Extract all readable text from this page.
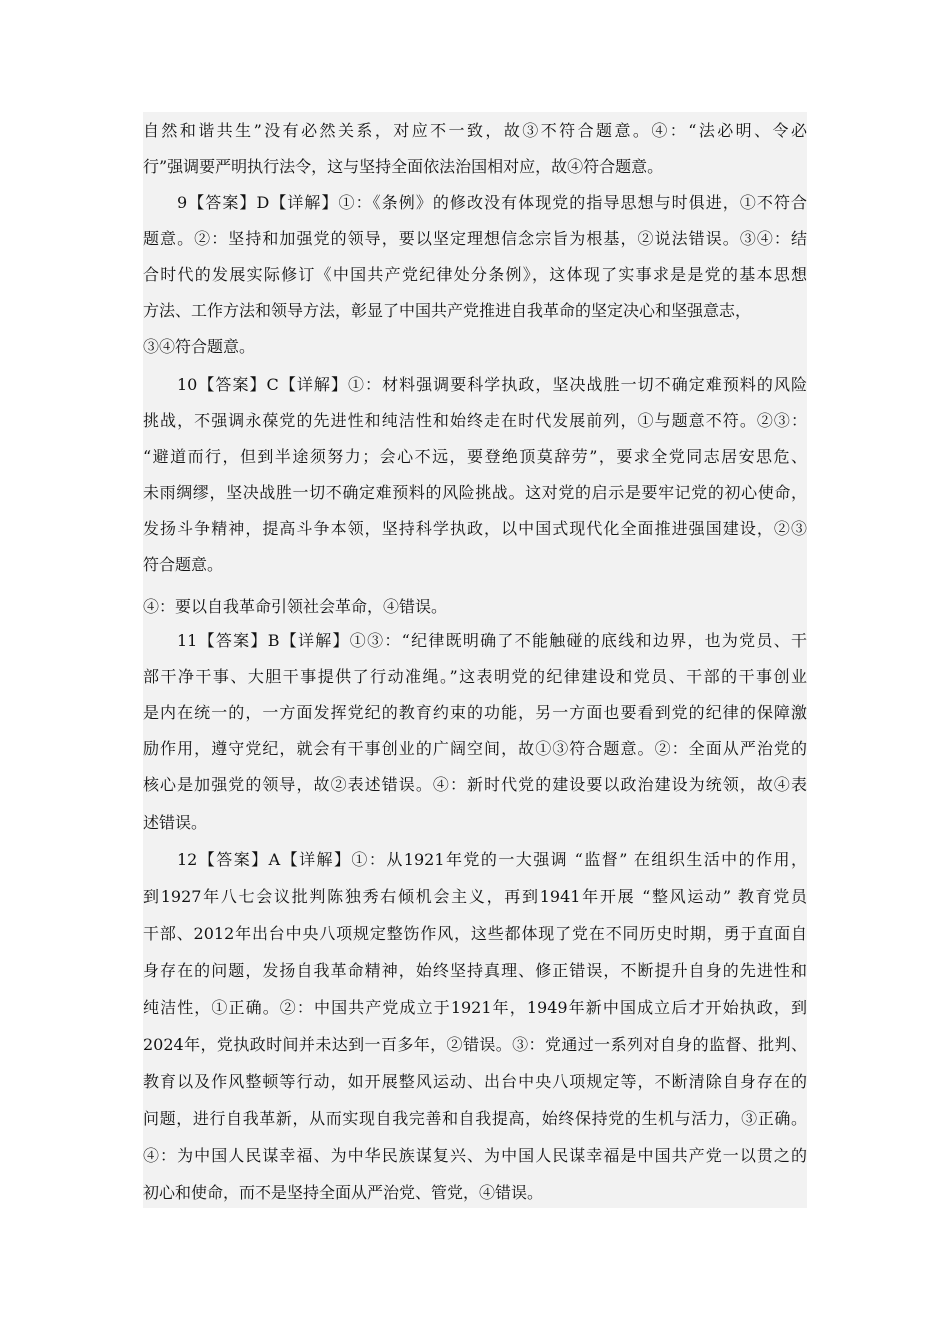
自然和谐共生”没有必然关系，对应不一致，故③不符合题意。④：“法必明、令必
行”强调要严明执行法令，这与坚持全面依法治国相对应，故④符合题意。
9【答案】D【详解】①：《条例》的修改没有体现党的指导思想与时俱进，①不符合
题意。②：坚持和加强党的领导，要以坚定理想信念宗旨为根基，②说法错误。③④：结
合时代的发展实际修订《中国共产党纪律处分条例》，这体现了实事求是是党的基本思想
方法、工作方法和领导方法，彰显了中国共产党推进自我革命的坚定决心和坚强意志，
③④符合题意。
10【答案】C【详解】①：材料强调要科学执政，坚决战胜一切不确定难预料的风险
挑战，不强调永葆党的先进性和纯洁性和始终走在时代发展前列，①与题意不符。②③：
“避道而行，但到半途须努力；会心不远，要登绝顶莫辞劳”，要求全党同志居安思危、
未雨绸缪，坚决战胜一切不确定难预料的风险挑战。这对党的启示是要牢记党的初心使命，
发扬斗争精神，提高斗争本领，坚持科学执政，以中国式现代化全面推进强国建设，②③
符合题意。
④：要以自我革命引领社会革命，④错误。
11【答案】B【详解】①③：“纪律既明确了不能触碰的底线和边界，也为党员、干
部干净干事、大胆干事提供了行动准绳。”这表明党的纪律建设和党员、干部的干事创业
是内在统一的，一方面发挥党纪的教育约束的功能，另一方面也要看到党的纪律的保障激
励作用，遵守党纪，就会有干事创业的广阔空间，故①③符合题意。②：全面从严治党的
核心是加强党的领导，故②表述错误。④：新时代党的建设要以政治建设为统领，故④表
述错误。
12【答案】A【详解】①：从1921年党的一大强调 “监督” 在组织生活中的作用，
到1927年八七会议批判陈独秀右倾机会主义，再到1941年开展 “整风运动” 教育党员
干部、2012年出台中央八项规定整饬作风，这些都体现了党在不同历史时期，勇于直面自
身存在的问题，发扬自我革命精神，始终坚持真理、修正错误，不断提升自身的先进性和
纯洁性，①正确。②：中国共产党成立于1921年，1949年新中国成立后才开始执政，到
2024年，党执政时间并未达到一百多年，②错误。③：党通过一系列对自身的监督、批判、
教育以及作风整顿等行动，如开展整风运动、出台中央八项规定等，不断清除自身存在的
问题，进行自我革新，从而实现自我完善和自我提高，始终保持党的生机与活力，③正确。
④：为中国人民谋幸福、为中华民族谋复兴、为中国人民谋幸福是中国共产党一以贯之的
初心和使命，而不是坚持全面从严治党、管党，④错误。
